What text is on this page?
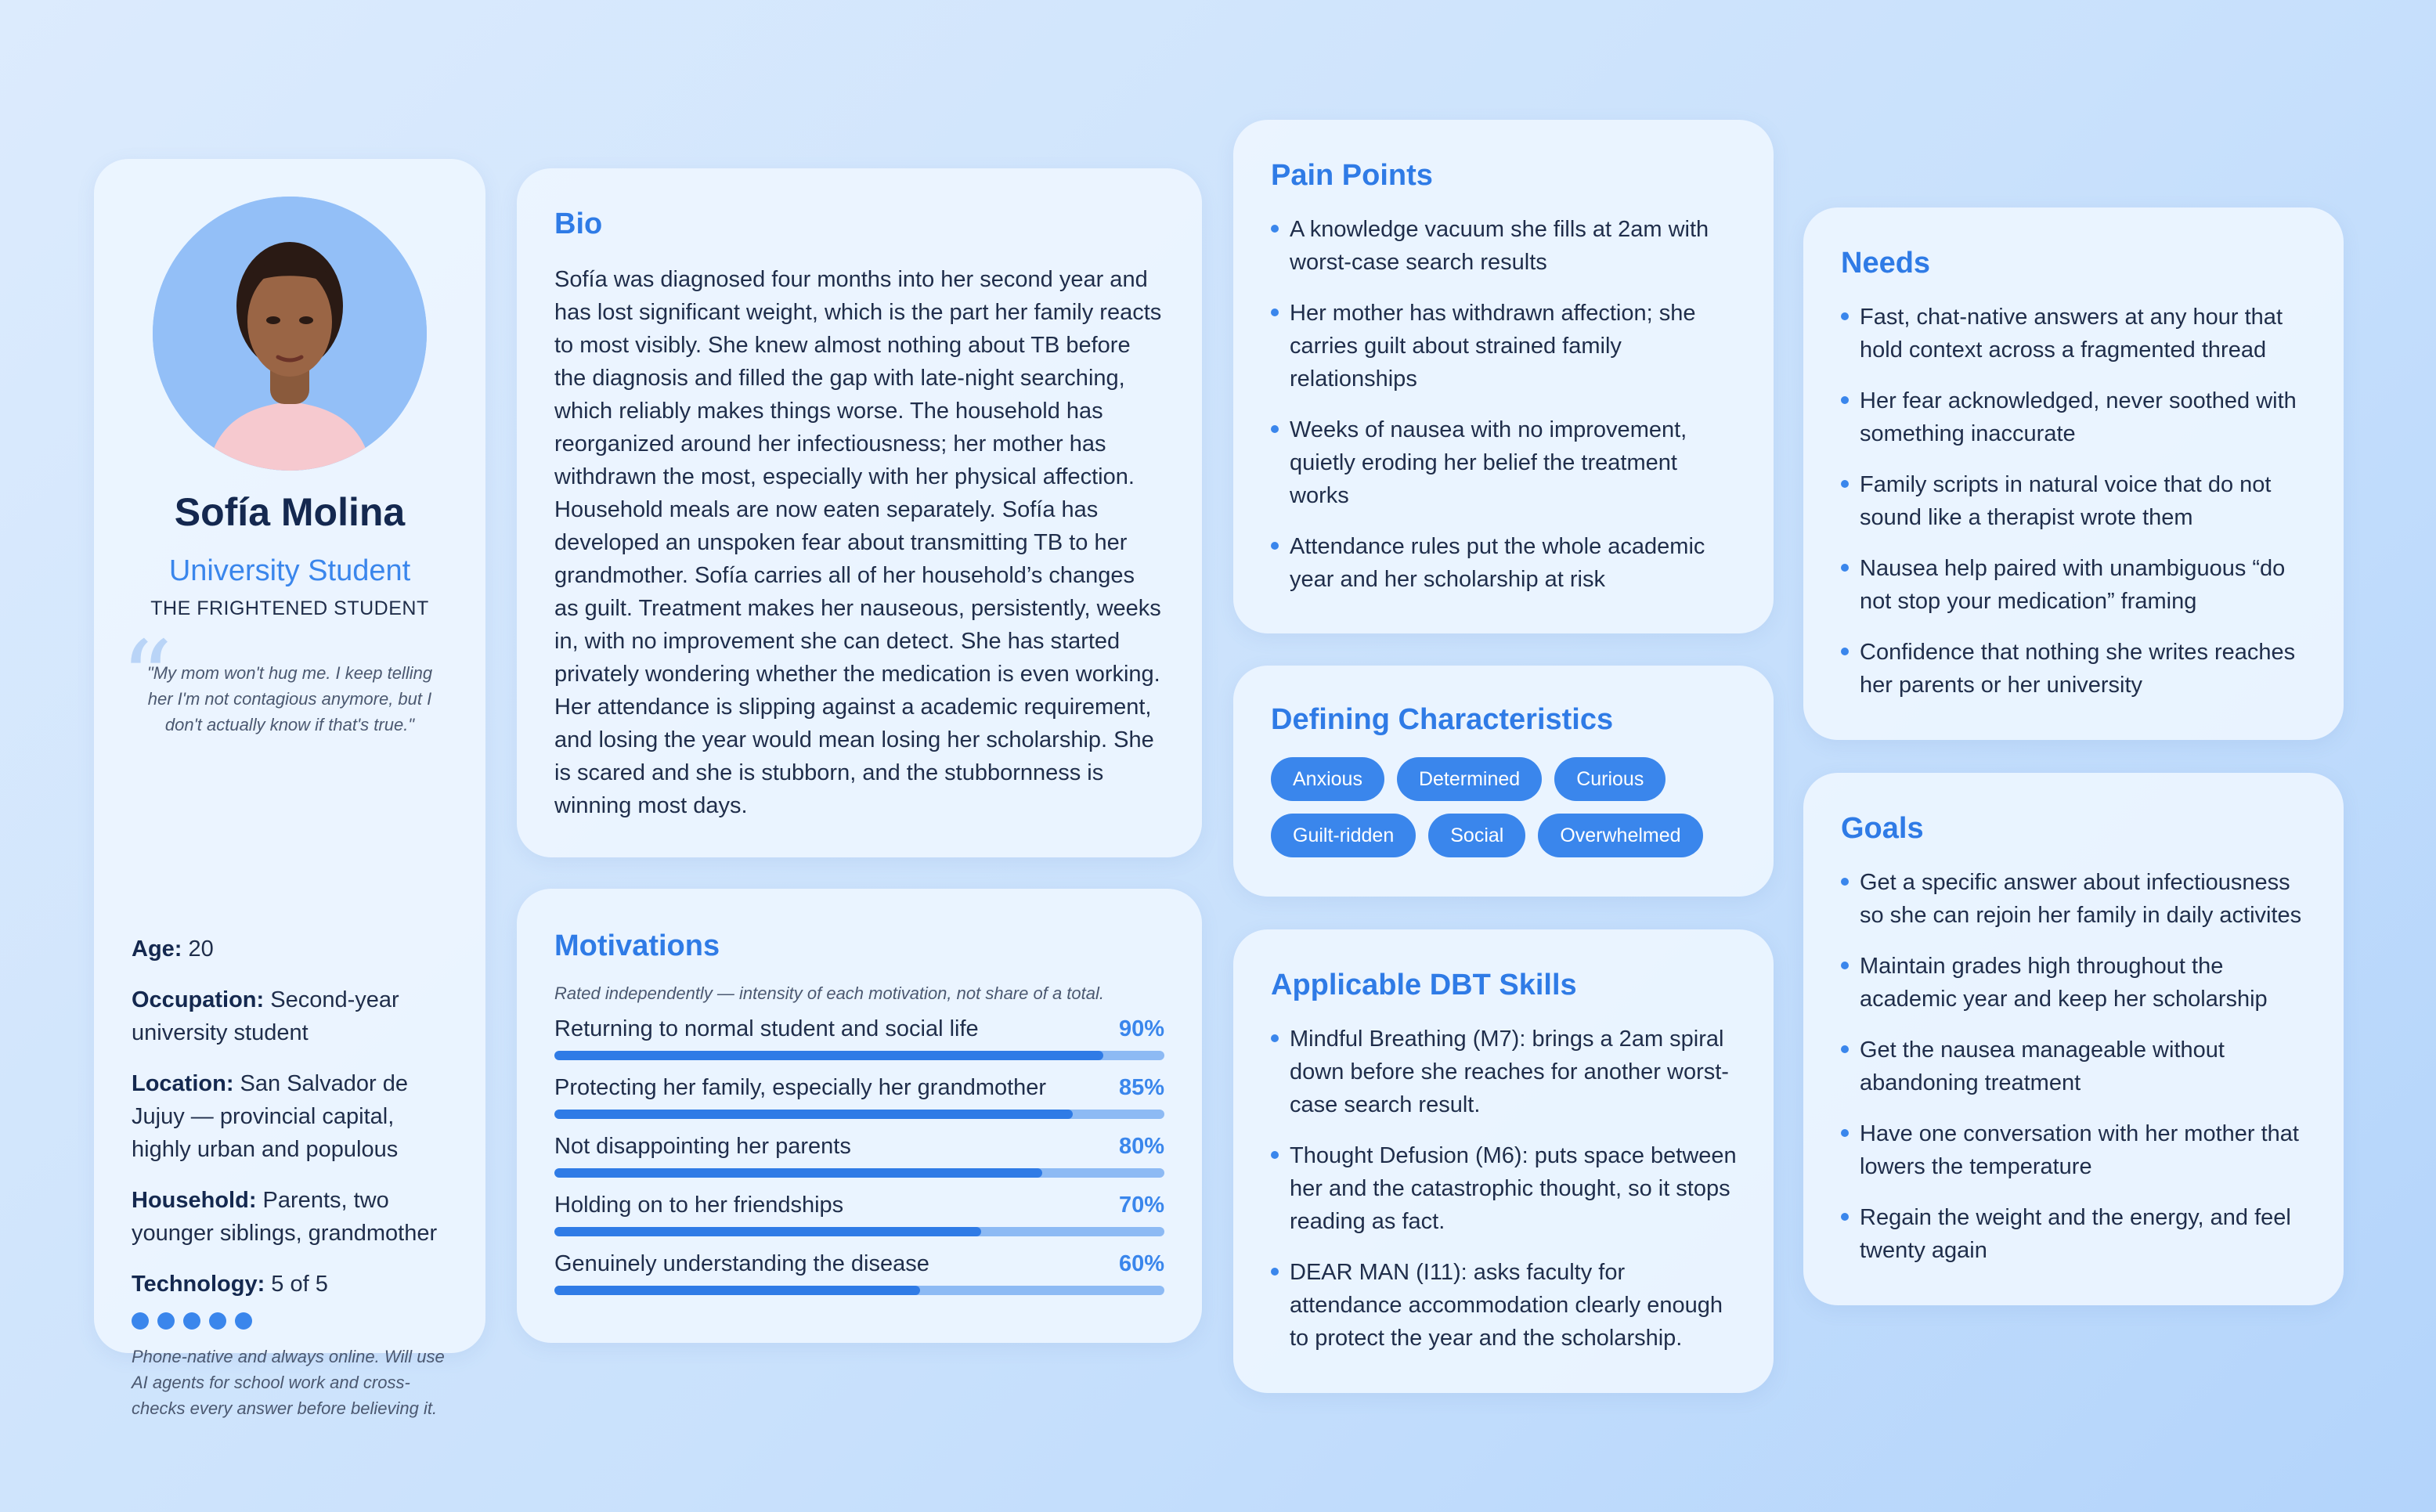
Sofía Molina
University Student
THE FRIGHTENED STUDENT
“
"My mom won't hug me. I keep telling her I'm not contagious anymore, but I don't actually know if that's true."
Age: 20
Occupation: Second-year university student
Location: San Salvador de Jujuy — provincial capital, highly urban and populous
Household: Parents, two younger siblings, grandmother
Technology: 5 of 5
Phone-native and always online. Will use AI agents for school work and cross-checks every answer before believing it.
Bio

Sofía was diagnosed four months into her second year and has lost significant weight, which is the part her family reacts to most visibly. She knew almost nothing about TB before the diagnosis and filled the gap with late-night searching, which reliably makes things worse. The household has reorganized around her infectiousness; her mother has withdrawn the most, especially with her physical affection. Household meals are now eaten separately. Sofía has developed an unspoken fear about transmitting TB to her grandmother. Sofía carries all of her household’s changes as guilt. Treatment makes her nauseous, persistently, weeks in, with no improvement she can detect. She has started privately wondering whether the medication is even working. Her attendance is slipping against a academic requirement, and losing the year would mean losing her scholarship. She is scared and she is stubborn, and the stubbornness is winning most days.

Motivations
Rated independently — intensity of each motivation, not share of a total.
Returning to normal student and social life	90%
Protecting her family, especially her grandmother	85%
Not disappointing her parents	80%
Holding on to her friendships	70%
Genuinely understanding the disease	60%
Pain Points
A knowledge vacuum she fills at 2am with worst-case search results
Her mother has withdrawn affection; she carries guilt about strained family relationships
Weeks of nausea with no improvement, quietly eroding her belief the treatment works
Attendance rules put the whole academic year and her scholarship at risk
Defining Characteristics
Anxious	Determined	Curious
Guilt-ridden	Social	Overwhelmed
Applicable DBT Skills
Mindful Breathing (M7): brings a 2am spiral down before she reaches for another worst-case search result.
Thought Defusion (M6): puts space between her and the catastrophic thought, so it stops reading as fact.
DEAR MAN (I11): asks faculty for attendance accommodation clearly enough to protect the year and the scholarship.
Needs
Fast, chat-native answers at any hour that hold context across a fragmented thread
Her fear acknowledged, never soothed with something inaccurate
Family scripts in natural voice that do not sound like a therapist wrote them
Nausea help paired with unambiguous “do not stop your medication” framing
Confidence that nothing she writes reaches her parents or her university
Goals
Get a specific answer about infectiousness so she can rejoin her family in daily activites
Maintain grades high throughout the academic year and keep her scholarship
Get the nausea manageable without abandoning treatment
Have one conversation with her mother that lowers the temperature
Regain the weight and the energy, and feel twenty again
